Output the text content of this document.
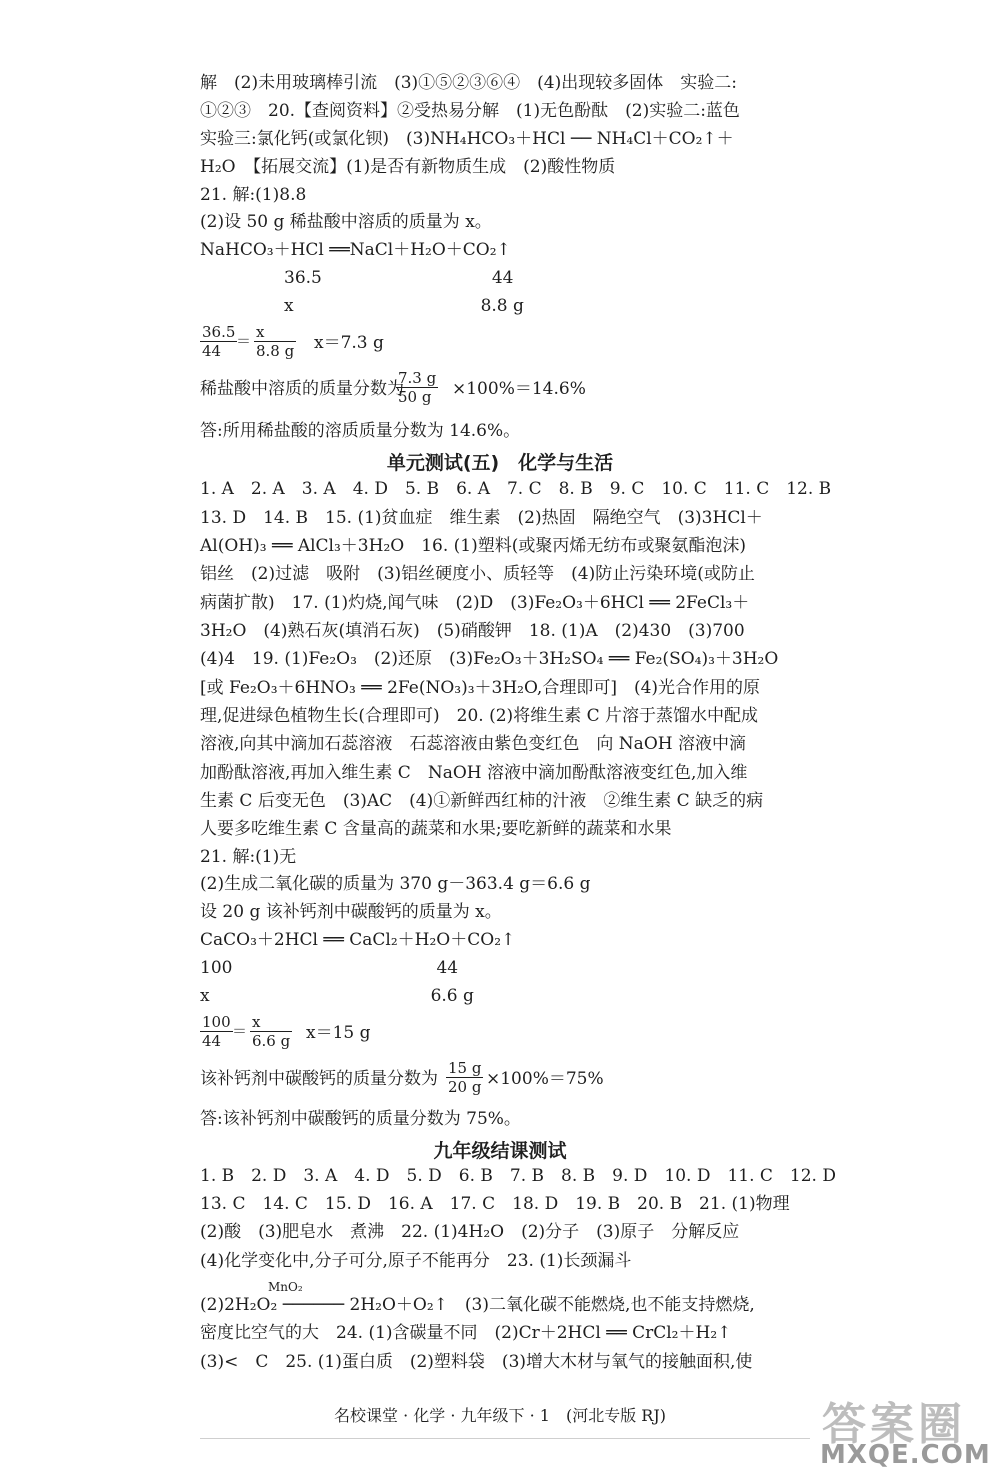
解　(2)未用玻璃棒引流　(3)①⑤②③⑥④　(4)出现较多固体　实验二:
①②③　20.【查阅资料】②受热易分解　(1)无色酚酞　(2)实验二:蓝色
实验三:氯化钙(或氯化钡)　(3)NH₄HCO₃＋HCl ── NH₄Cl＋CO₂↑＋
H₂O　【拓展交流】(1)是否有新物质生成　(2)酸性物质
21. 解:(1)8.8
(2)设 50 g 稀盐酸中溶质的质量为 x。
NaHCO₃＋HCl ══NaCl＋H₂O＋CO₂↑
36.5　　　　　　　　　　44
x　　　　　　　　　　　8.8 g
$\frac{36.5}{44}$
＝ $\frac{x}{8.8 g} x=7.3$ g
稀盐酸中溶质的质量分数为
$\frac{7.3 g}{50 g} \times 100\%=14.6\%$
答:所用稀盐酸的溶质质量分数为 14.6%。
单元测试(五)　化学与生活
1. A　2. A　3. A　4. D　5. B　6. A　7. C　8. B　9. C　10. C　11. C　12. B
13. D　14. B　15. (1)贫血症　维生素　(2)热固　隔绝空气　(3)3HCl＋
Al(OH)₃ ══ AlCl₃＋3H₂O　16. (1)塑料(或聚丙烯无纺布或聚氨酯泡沫)
铝丝　(2)过滤　吸附　(3)铝丝硬度小、质轻等　(4)防止污染环境(或防止
病菌扩散)　17. (1)灼烧,闻气味　(2)D　(3)Fe₂O₃＋6HCl ══ 2FeCl₃＋
3H₂O　(4)熟石灰(填消石灰)　(5)硝酸钾　18. (1)A　(2)430　(3)700
(4)4　19. (1)Fe₂O₃　(2)还原　(3)Fe₂O₃＋3H₂SO₄ ══ Fe₂(SO₄)₃＋3H₂O
[或 Fe₂O₃＋6HNO₃ ══ 2Fe(NO₃)₃＋3H₂O,合理即可]　(4)光合作用的原
理,促进绿色植物生长(合理即可)　20. (2)将维生素 C 片溶于蒸馏水中配成
溶液,向其中滴加石蕊溶液　石蕊溶液由紫色变红色　向 NaOH 溶液中滴
加酚酞溶液,再加入维生素 C　NaOH 溶液中滴加酚酞溶液变红色,加入维
生素 C 后变无色　(3)AC　(4)①新鲜西红柿的汁液　②维生素 C 缺乏的病
人要多吃维生素 C 含量高的蔬菜和水果;要吃新鲜的蔬菜和水果
21. 解:(1)无
(2)生成二氧化碳的质量为 370 g－363.4 g＝6.6 g
设 20 g 该补钙剂中碳酸钙的质量为 x。
CaCO₃＋2HCl ══ CaCl₂＋H₂O＋CO₂↑
100　　　　　　　　　　　　44
x　　　　　　　　　　　　　6.6 g
$\frac{100}{44} = \frac{x}{6.6 g} x=15$ g
该补钙剂中碳酸钙的质量分数为 $\frac{15 g}{20 g} \times 100\%=75\%$
答:该补钙剂中碳酸钙的质量分数为 75%。
九年级结课测试
1. B　2. D　3. A　4. D　5. D　6. B　7. B　8. B　9. D　10. D　11. C　12. D
13. C　14. C　15. D　16. A　17. C　18. D　19. B　20. B　21. (1)物理
(2)酸　(3)肥皂水　煮沸　22. (1)4H₂O　(2)分子　(3)原子　分解反应
(4)化学变化中,分子可分,原子不能再分　23. (1)长颈漏斗
MnO₂
(2)2H₂O₂ ────── 2H₂O＋O₂↑　(3)二氧化碳不能燃烧,也不能支持燃烧,
密度比空气的大　24. (1)含碳量不同　(2)Cr＋2HCl ══ CrCl₂＋H₂↑
(3)<　C　25. (1)蛋白质　(2)塑料袋　(3)增大木材与氧气的接触面积,使
名校课堂 · 化学 · 九年级下 · 1　(河北专版 RJ)	答案圈
MXQE.COM
